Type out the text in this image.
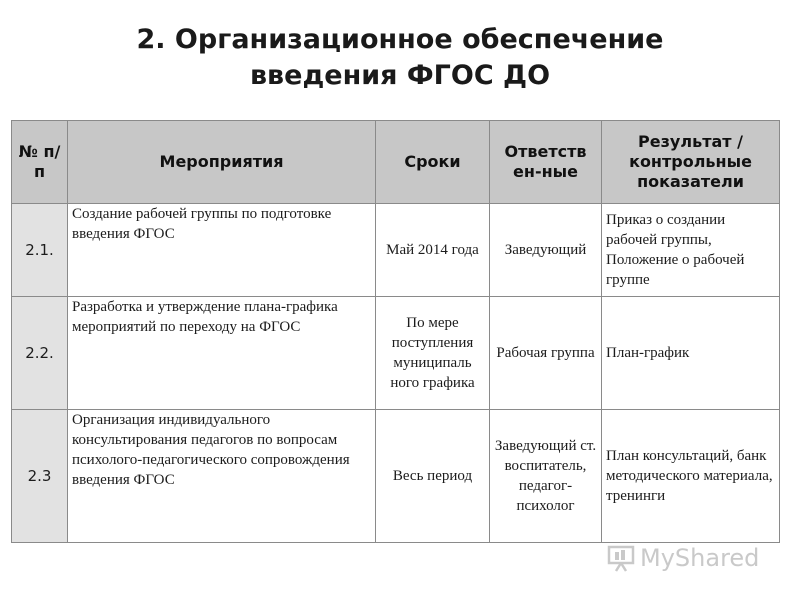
2. Организационное обеспечение
введения ФГОС ДО
№ п/п	Мероприятия	Сроки	Ответств ен-ные	Результат / контрольные показатели
2.1.	Создание рабочей группы по подготовке введения ФГОС	Май 2014 года	Заведующий	Приказ о создании рабочей группы, Положение о рабочей группе
2.2.	Разработка и утверждение плана-графика мероприятий по переходу на ФГОС	По мере поступления муниципаль ного графика	Рабочая группа	План-график
2.3	Организация индивидуального консультирования педагогов по вопросам психолого-педагогического сопровождения введения ФГОС	Весь период	Заведующий ст. воспитатель, педагог-психолог	План консультаций, банк методического материала, тренинги
MyShared
